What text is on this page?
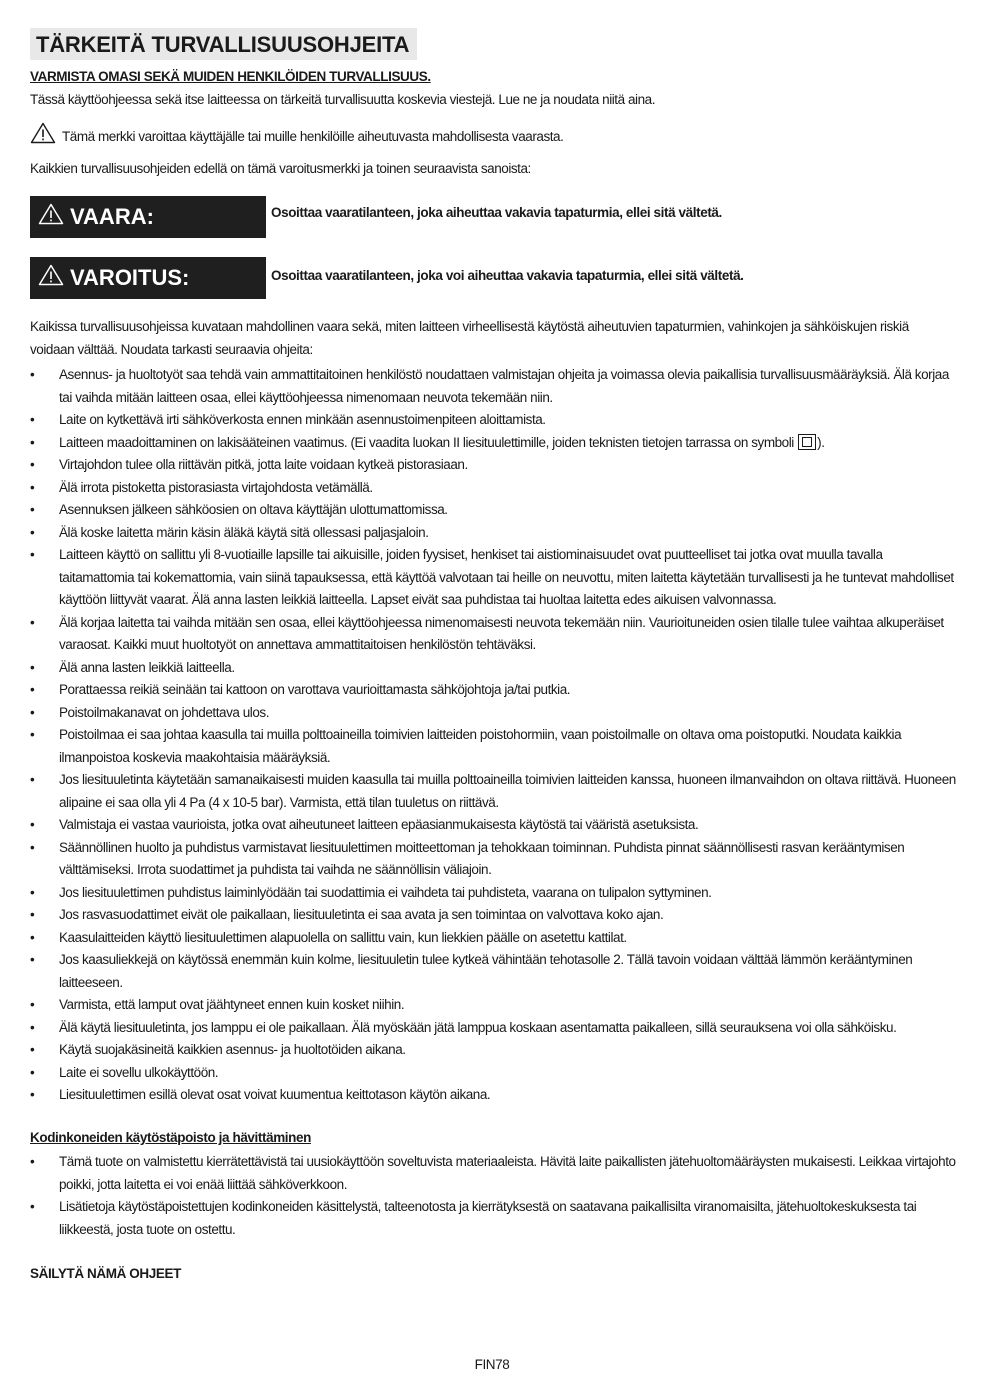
TÄRKEITÄ TURVALLISUUSOHJEITA
VARMISTA OMASI SEKÄ MUIDEN HENKILÖIDEN TURVALLISUUS.
Tässä käyttöohjeessa sekä itse laitteessa on tärkeitä turvallisuutta koskevia viestejä. Lue ne ja noudata niitä aina.
Tämä merkki varoittaa käyttäjälle tai muille henkilöille aiheutuvasta mahdollisesta vaarasta.
Kaikkien turvallisuusohjeiden edellä on tämä varoitusmerkki ja toinen seuraavista sanoista:
VAARA:	Osoittaa vaaratilanteen, joka aiheuttaa vakavia tapaturmia, ellei sitä vältetä.
VAROITUS:	Osoittaa vaaratilanteen, joka voi aiheuttaa vakavia tapaturmia, ellei sitä vältetä.
Kaikissa turvallisuusohjeissa kuvataan mahdollinen vaara sekä, miten laitteen virheellisestä käytöstä aiheutuvien tapaturmien, vahinkojen ja sähköiskujen riskiä voidaan välttää. Noudata tarkasti seuraavia ohjeita:
• Asennus- ja huoltotyöt saa tehdä vain ammattitaitoinen henkilöstö noudattaen valmistajan ohjeita ja voimassa olevia paikallisia turvallisuusmääräyksiä. Älä korjaa tai vaihda mitään laitteen osaa, ellei käyttöohjeessa nimenomaan neuvota tekemään niin.
• Laite on kytkettävä irti sähköverkosta ennen minkään asennustoimenpiteen aloittamista.
• Laitteen maadoittaminen on lakisääteinen vaatimus. (Ei vaadita luokan II liesituulettimille, joiden teknisten tietojen tarrassa on symboli ).
• Virtajohdon tulee olla riittävän pitkä, jotta laite voidaan kytkeä pistorasiaan.
• Älä irrota pistoketta pistorasiasta virtajohdosta vetämällä.
• Asennuksen jälkeen sähköosien on oltava käyttäjän ulottumattomissa.
• Älä koske laitetta märin käsin äläkä käytä sitä ollessasi paljasjaloin.
• Laitteen käyttö on sallittu yli 8-vuotiaille lapsille tai aikuisille, joiden fyysiset, henkiset tai aistiominaisuudet ovat puutteelliset tai jotka ovat muulla tavalla taitamattomia tai kokemattomia, vain siinä tapauksessa, että käyttöä valvotaan tai heille on neuvottu, miten laitetta käytetään turvallisesti ja he tuntevat mahdolliset käyttöön liittyvät vaarat. Älä anna lasten leikkiä laitteella. Lapset eivät saa puhdistaa tai huoltaa laitetta edes aikuisen valvonnassa.
• Älä korjaa laitetta tai vaihda mitään sen osaa, ellei käyttöohjeessa nimenomaisesti neuvota tekemään niin. Vaurioituneiden osien tilalle tulee vaihtaa alkuperäiset varaosat. Kaikki muut huoltotyöt on annettava ammattitaitoisen henkilöstön tehtäväksi.
• Älä anna lasten leikkiä laitteella.
• Porattaessa reikiä seinään tai kattoon on varottava vaurioittamasta sähköjohtoja ja/tai putkia.
• Poistoilmakanavat on johdettava ulos.
• Poistoilmaa ei saa johtaa kaasulla tai muilla polttoaineilla toimivien laitteiden poistohormiin, vaan poistoilmalle on oltava oma poistoputki. Noudata kaikkia ilmanpoistoa koskevia maakohtaisia määräyksiä.
• Jos liesituuletinta käytetään samanaikaisesti muiden kaasulla tai muilla polttoaineilla toimivien laitteiden kanssa, huoneen ilmanvaihdon on oltava riittävä. Huoneen alipaine ei saa olla yli 4 Pa (4 x 10-5 bar). Varmista, että tilan tuuletus on riittävä.
• Valmistaja ei vastaa vaurioista, jotka ovat aiheutuneet laitteen epäasianmukaisesta käytöstä tai vääristä asetuksista.
• Säännöllinen huolto ja puhdistus varmistavat liesituulettimen moitteettoman ja tehokkaan toiminnan. Puhdista pinnat säännöllisesti rasvan kerääntymisen välttämiseksi. Irrota suodattimet ja puhdista tai vaihda ne säännöllisin väliajoin.
• Jos liesituulettimen puhdistus laiminlyödään tai suodattimia ei vaihdeta tai puhdisteta, vaarana on tulipalon syttyminen.
• Jos rasvasuodattimet eivät ole paikallaan, liesituuletinta ei saa avata ja sen toimintaa on valvottava koko ajan.
• Kaasulaitteiden käyttö liesituulettimen alapuolella on sallittu vain, kun liekkien päälle on asetettu kattilat.
• Jos kaasuliekkejä on käytössä enemmän kuin kolme, liesituuletin tulee kytkeä vähintään tehotasolle 2. Tällä tavoin voidaan välttää lämmön kerääntyminen laitteeseen.
• Varmista, että lamput ovat jäähtyneet ennen kuin kosket niihin.
• Älä käytä liesituuletinta, jos lamppu ei ole paikallaan. Älä myöskään jätä lamppua koskaan asentamatta paikalleen, sillä seurauksena voi olla sähköisku.
• Käytä suojakäsineitä kaikkien asennus- ja huoltotöiden aikana.
• Laite ei sovellu ulkokäyttöön.
• Liesituulettimen esillä olevat osat voivat kuumentua keittotason käytön aikana.
Kodinkoneiden käytöstäpoisto ja hävittäminen
• Tämä tuote on valmistettu kierrätettävistä tai uusiokäyttöön soveltuvista materiaaleista. Hävitä laite paikallisten jätehuoltomääräysten mukaisesti. Leikkaa virtajohto poikki, jotta laitetta ei voi enää liittää sähköverkkoon.
• Lisätietoja käytöstäpoistettujen kodinkoneiden käsittelystä, talteenotosta ja kierrätyksestä on saatavana paikallisilta viranomaisilta, jätehuoltokeskuksesta tai liikkeestä, josta tuote on ostettu.
SÄILYTÄ NÄMÄ OHJEET
FIN78
